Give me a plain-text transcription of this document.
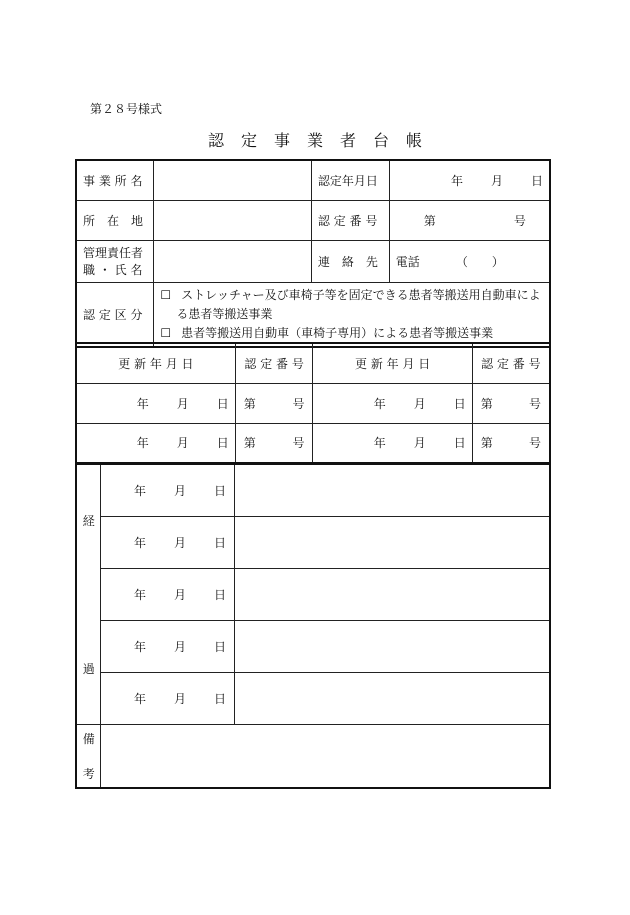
第２８号様式
認 定 事 業 者 台 帳
事 業 所 名		認定年月日	年 月 日
所　在　地		認 定 番 号	第 号

管理責任者
職 ・ 氏 名		連　絡　先	電話 （ ）
認 定 区 分	☐ ストレッチャー及び車椅子等を固定できる患者等搬送用自動車によ
る患者等搬送事業
☐ 患者等搬送用自動車（車椅子専用）による患者等搬送事業		
更 新 年 月 日	認 定 番 号	更 新 年 月 日	認 定 番 号
年 月 日	第 号	年 月 日	第 号

年 月 日	第 号	年 月 日	第 号
経
過	年 月 日	
	年 月 日	
	年 月 日	
	年 月 日	
	年 月 日	

備
考		
